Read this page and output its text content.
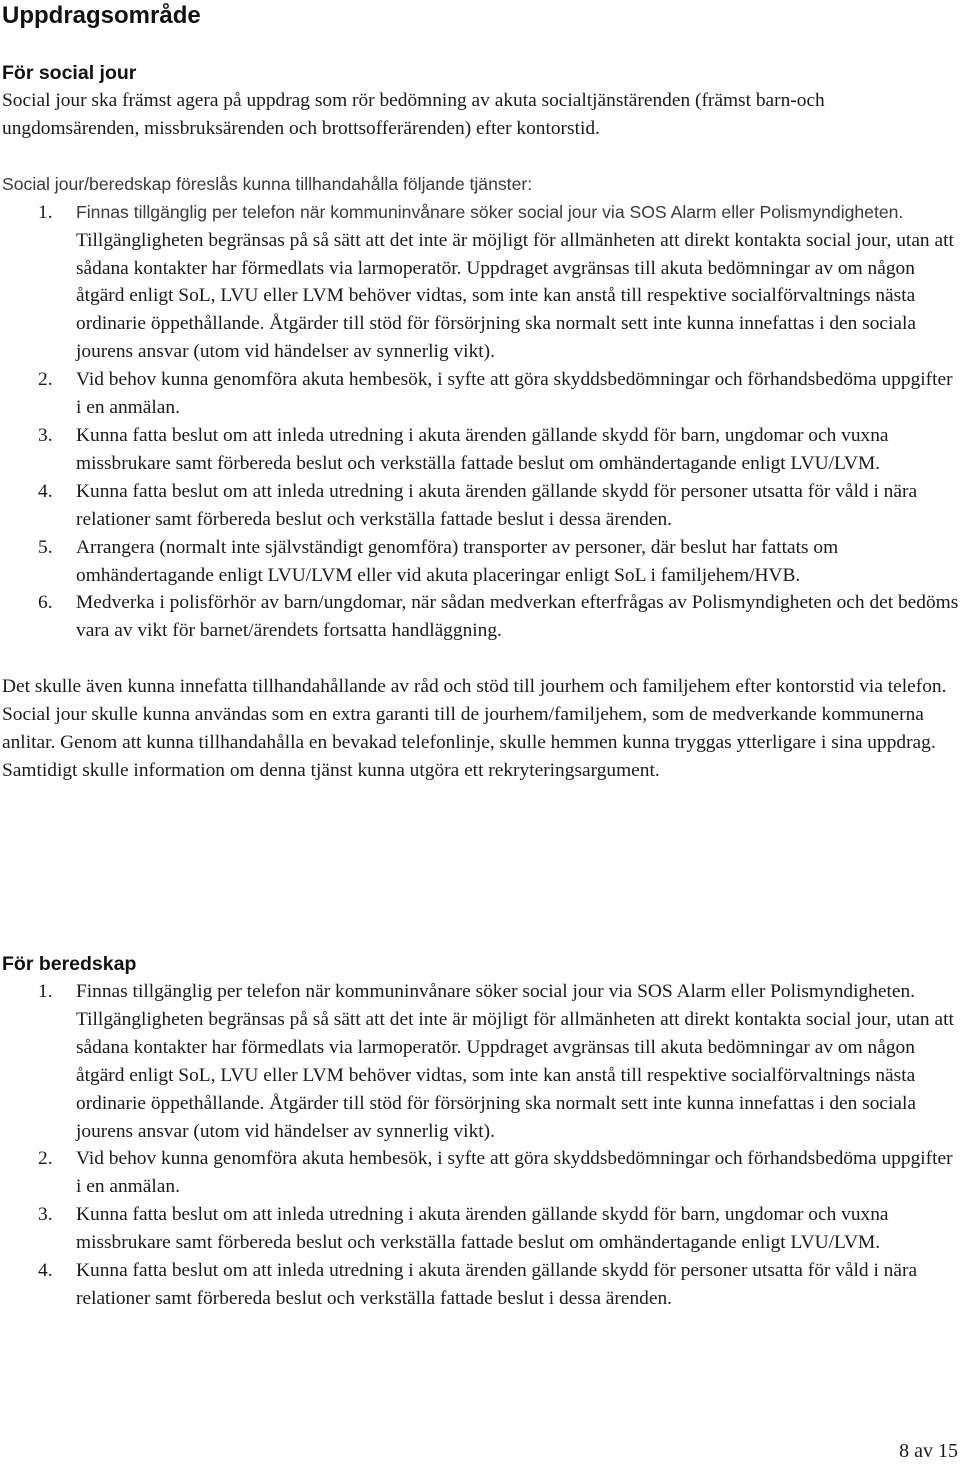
Uppdragsområde
För social jour

Social jour ska främst agera på uppdrag som rör bedömning av akuta socialtjänstärenden (främst barn-och ungdomsärenden, missbruksärenden och brottsofferärenden) efter kontorstid.

Social jour/beredskap föreslås kunna tillhandahålla följande tjänster:

1. Finnas tillgänglig per telefon när kommuninvånare söker social jour via SOS Alarm eller Polismyndigheten. Tillgängligheten begränsas på så sätt att det inte är möjligt för allmänheten att direkt kontakta social jour, utan att sådana kontakter har förmedlats via larmoperatör. Uppdraget avgränsas till akuta bedömningar av om någon åtgärd enligt SoL, LVU eller LVM behöver vidtas, som inte kan anstå till respektive socialförvaltnings nästa ordinarie öppethållande. Åtgärder till stöd för försörjning ska normalt sett inte kunna innefattas i den sociala jourens ansvar (utom vid händelser av synnerlig vikt).
2. Vid behov kunna genomföra akuta hembesök, i syfte att göra skyddsbedömningar och förhandsbedöma uppgifter i en anmälan.
3. Kunna fatta beslut om att inleda utredning i akuta ärenden gällande skydd för barn, ungdomar och vuxna missbrukare samt förbereda beslut och verkställa fattade beslut om omhändertagande enligt LVU/LVM.
4. Kunna fatta beslut om att inleda utredning i akuta ärenden gällande skydd för personer utsatta för våld i nära relationer samt förbereda beslut och verkställa fattade beslut i dessa ärenden.
5. Arrangera (normalt inte självständigt genomföra) transporter av personer, där beslut har fattats om omhändertagande enligt LVU/LVM eller vid akuta placeringar enligt SoL i familjehem/HVB.
6. Medverka i polisförhör av barn/ungdomar, när sådan medverkan efterfrågas av Polismyndigheten och det bedöms vara av vikt för barnet/ärendets fortsatta handläggning.

Det skulle även kunna innefatta tillhandahållande av råd och stöd till jourhem och familjehem efter kontorstid via telefon. Social jour skulle kunna användas som en extra garanti till de jourhem/familjehem, som de medverkande kommunerna anlitar. Genom att kunna tillhandahålla en bevakad telefonlinje, skulle hemmen kunna tryggas ytterligare i sina uppdrag. Samtidigt skulle information om denna tjänst kunna utgöra ett rekryteringsargument.

För beredskap
1. Finnas tillgänglig per telefon när kommuninvånare söker social jour via SOS Alarm eller Polismyndigheten. Tillgängligheten begränsas på så sätt att det inte är möjligt för allmänheten att direkt kontakta social jour, utan att sådana kontakter har förmedlats via larmoperatör. Uppdraget avgränsas till akuta bedömningar av om någon åtgärd enligt SoL, LVU eller LVM behöver vidtas, som inte kan anstå till respektive socialförvaltnings nästa ordinarie öppethållande. Åtgärder till stöd för försörjning ska normalt sett inte kunna innefattas i den sociala jourens ansvar (utom vid händelser av synnerlig vikt).
2. Vid behov kunna genomföra akuta hembesök, i syfte att göra skyddsbedömningar och förhandsbedöma uppgifter i en anmälan.
3. Kunna fatta beslut om att inleda utredning i akuta ärenden gällande skydd för barn, ungdomar och vuxna missbrukare samt förbereda beslut och verkställa fattade beslut om omhändertagande enligt LVU/LVM.
4. Kunna fatta beslut om att inleda utredning i akuta ärenden gällande skydd för personer utsatta för våld i nära relationer samt förbereda beslut och verkställa fattade beslut i dessa ärenden.
8 av 15
